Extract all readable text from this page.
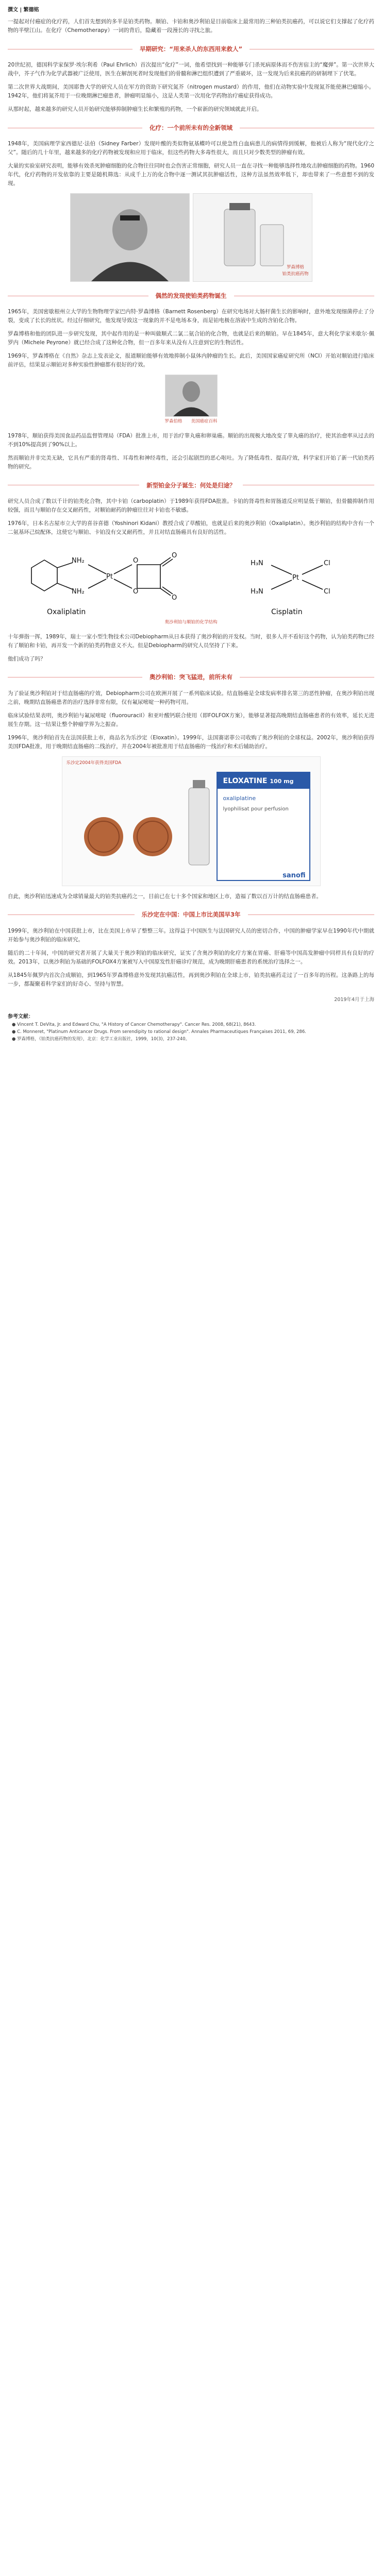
撰文 | 繁德铭

一提起对付癌症的化疗药，人们首先想到的多半是铂类药物。顺铂、卡铂和奥沙利铂是目前临床上最常用的三种铂类抗癌药，可以说它们支撑起了化疗药物的半壁江山。在化疗（Chemotherapy）一词的背后，隐藏着一段漫长的寻找之旅。

早期研究：“用来杀人的东西用来救人”

20世纪初，德国科学家保罗·埃尔利希（Paul Ehrlich）首次提出“化疗”一词，他希望找到一种能够专门杀死病原体而不伤害宿主的“魔弹”。第一次世界大战中，芥子气作为化学武器被广泛使用，医生在解剖死者时发现他们的骨髓和淋巴组织遭到了严重破坏，这一发现为后来抗癌药的研制埋下了伏笔。

第二次世界大战期间，美国耶鲁大学的研究人员在军方的资助下研究氮芥（nitrogen mustard）的作用，他们在动物实验中发现氮芥能使淋巴瘤缩小。1942年，他们将氮芥用于一位晚期淋巴瘤患者，肿瘤明显缩小，这是人类第一次用化学药物治疗癌症获得成功。

从那时起，越来越多的研究人员开始研究能够抑制肿瘤生长和繁殖的药物，一个崭新的研究领域就此开启。

化疗：一个前所未有的全新领域

1948年，美国病理学家西德尼·法伯（Sidney Farber）发现叶酸的类似物氨基蝶呤可以使急性白血病患儿的病情得到缓解，他被后人称为“现代化疗之父”。随后的几十年里，越来越多的化疗药物被发现和应用于临床，但这些药物大多毒性很大，而且只对少数类型的肿瘤有效。

大量的实验室研究表明，能够有效杀死肿瘤细胞的化合物往往同时也会伤害正常细胞，研究人员一直在寻找一种能够选择性地攻击肿瘤细胞的药物。1960年代，化疗药物的开发依靠的主要是随机筛选：从成千上万的化合物中逐一测试其抗肿瘤活性，这种方法虽然效率低下，却也带来了一些意想不到的发现。

罗森博格
铂类抗癌药物
偶然的发现使铂类药物诞生

1965年，美国密歇根州立大学的生物物理学家巴内特·罗森博格（Barnett Rosenberg）在研究电场对大肠杆菌生长的影响时，意外地发现细菌停止了分裂，变成了长长的丝状。经过仔细研究，他发现导致这一现象的并不是电场本身，而是铂电极在溶液中生成的含铂化合物。

罗森博格和他的团队进一步研究发现，其中起作用的是一种叫做顺式二氯二氨合铂的化合物，也就是后来的顺铂。早在1845年，意大利化学家米歇尔·佩罗内（Michele Peyrone）就已经合成了这种化合物，但一百多年来从没有人注意到它的生物活性。

1969年，罗森博格在《自然》杂志上发表论文，报道顺铂能够有效地抑制小鼠体内肿瘤的生长。此后，美国国家癌症研究所（NCI）开始对顺铂进行临床前评估，结果显示顺铂对多种实验性肿瘤都有很好的疗效。

罗森伯格　　美国癌症百科

1978年，顺铂获得美国食品药品监督管理局（FDA）批准上市，用于治疗睾丸癌和卵巢癌。顺铂的出现极大地改变了睾丸癌的治疗，使其治愈率从过去的不到10%提高到了90%以上。

然而顺铂并非完美无缺，它具有严重的肾毒性、耳毒性和神经毒性，还会引起剧烈的恶心呕吐。为了降低毒性、提高疗效，科学家们开始了新一代铂类药物的研究。

新型铂金分子诞生：何处是归途？

研究人员合成了数以千计的铂类化合物，其中卡铂（carboplatin）于1989年获得FDA批准。卡铂的肾毒性和胃肠道反应明显低于顺铂，但骨髓抑制作用较强，而且与顺铂存在交叉耐药性，对顺铂耐药的肿瘤往往对卡铂也不敏感。

1976年，日本名古屋市立大学的喜谷喜德（Yoshinori Kidani）教授合成了草酸铂，也就是后来的奥沙利铂（Oxaliplatin）。奥沙利铂的结构中含有一个二氨基环己烷配体，这使它与顺铂、卡铂没有交叉耐药性，并且对结直肠癌具有良好的活性。

NH₂
NH₂
Pt
O
O
O
O
Oxaliplatin
H₃N
H₃N
Pt
Cl
Cl
Cisplatin
奥沙利铂与顺铂的化学结构

十年弹指一挥，1989年，瑞士一家小型生物技术公司Debiopharm从日本获得了奥沙利铂的开发权。当时，很多人并不看好这个药物，认为铂类药物已经有了顺铂和卡铂，再开发一个新的铂类药物意义不大。但是Debiopharm的研究人员坚持了下来。

他们成功了吗？

奥沙利铂：突飞猛进，前所未有

为了验证奥沙利铂对于结直肠癌的疗效，Debiopharm公司在欧洲开展了一系列临床试验。结直肠癌是全球发病率排名第三的恶性肿瘤，在奥沙利铂出现之前，晚期结直肠癌患者的治疗选择非常有限，仅有氟尿嘧啶一种药物可用。

临床试验结果表明，奥沙利铂与氟尿嘧啶（fluorouracil）和亚叶酸钙联合使用（即FOLFOX方案），能够显著提高晚期结直肠癌患者的有效率，延长无进展生存期。这一结果让整个肿瘤学界为之振奋。

1996年，奥沙利铂首先在法国获批上市，商品名为乐沙定（Eloxatin）。1999年，法国赛诺菲公司收购了奥沙利铂的全球权益。2002年，奥沙利铂获得美国FDA批准，用于晚期结直肠癌的二线治疗，并在2004年被批准用于结直肠癌的一线治疗和术后辅助治疗。

乐沙定2004年获得美国FDA
ELOXATINE 100 mg
oxaliplatine
lyophilisat pour perfusion
sanofi

自此，奥沙利铂迅速成为全球销量最大的铂类抗癌药之一，目前已在七十多个国家和地区上市，造福了数以百万计的结直肠癌患者。

乐沙定在中国：中国上市比美国早3年

1999年，奥沙利铂在中国获批上市，比在美国上市早了整整三年。这得益于中国医生与法国研究人员的密切合作，中国的肿瘤学家早在1990年代中期就开始参与奥沙利铂的临床研究。

随后的二十年间，中国的研究者开展了大量关于奥沙利铂的临床研究，证实了含奥沙利铂的化疗方案在胃癌、肝癌等中国高发肿瘤中同样具有良好的疗效。2013年，以奥沙利铂为基础的FOLFOX4方案被写入中国原发性肝癌诊疗规范，成为晚期肝癌患者的系统治疗选择之一。

从1845年佩罗内首次合成顺铂，到1965年罗森博格意外发现其抗癌活性，再到奥沙利铂在全球上市，铂类抗癌药走过了一百多年的历程。这条路上的每一步，都凝聚着科学家们的好奇心、坚持与智慧。

2019年4月于上海
参考文献：
● Vincent T. DeVita, Jr. and Edward Chu, "A History of Cancer Chemotherapy". Cancer Res. 2008, 68(21), 8643.
● C. Monneret, "Platinum Anticancer Drugs. From serendipity to rational design". Annales Pharmaceutiques Françaises 2011, 69, 286.
● 罗森博格，《铂类抗癌药物的发现》，北京：化学工业出版社，1999，10(3)，237-240。
